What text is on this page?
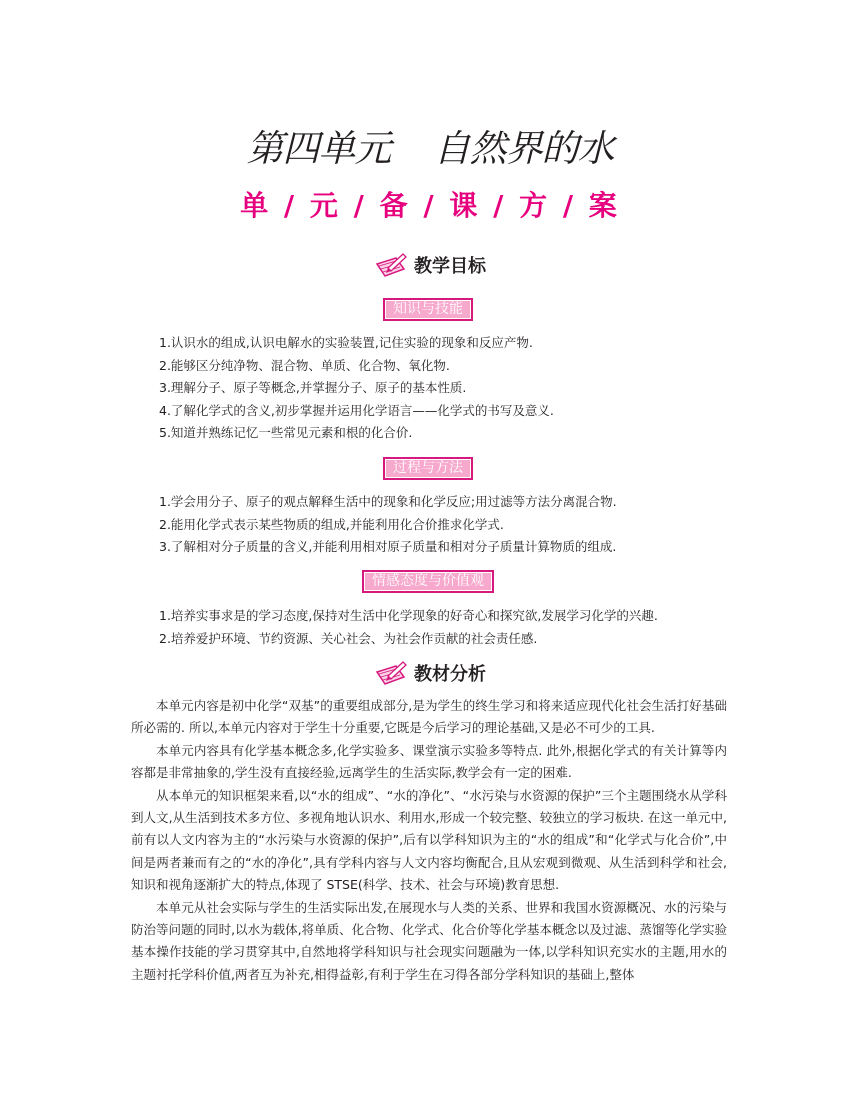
第四单元    自然界的水
单 / 元 / 备 / 课 / 方 / 案
教学目标
知识与技能
1.认识水的组成,认识电解水的实验装置,记住实验的现象和反应产物.
2.能够区分纯净物、混合物、单质、化合物、氧化物.
3.理解分子、原子等概念,并掌握分子、原子的基本性质.
4.了解化学式的含义,初步掌握并运用化学语言——化学式的书写及意义.
5.知道并熟练记忆一些常见元素和根的化合价.
过程与方法
1.学会用分子、原子的观点解释生活中的现象和化学反应;用过滤等方法分离混合物.
2.能用化学式表示某些物质的组成,并能利用化合价推求化学式.
3.了解相对分子质量的含义,并能利用相对原子质量和相对分子质量计算物质的组成.
情感态度与价值观
1.培养实事求是的学习态度,保持对生活中化学现象的好奇心和探究欲,发展学习化学的兴趣.
2.培养爱护环境、节约资源、关心社会、为社会作贡献的社会责任感.
教材分析

本单元内容是初中化学“双基”的重要组成部分,是为学生的终生学习和将来适应现代化社会生活打好基础所必需的. 所以,本单元内容对于学生十分重要,它既是今后学习的理论基础,又是必不可少的工具.

本单元内容具有化学基本概念多,化学实验多、课堂演示实验多等特点. 此外,根据化学式的有关计算等内容都是非常抽象的,学生没有直接经验,远离学生的生活实际,教学会有一定的困难.

从本单元的知识框架来看,以“水的组成”、“水的净化”、“水污染与水资源的保护”三个主题围绕水从学科到人文,从生活到技术多方位、多视角地认识水、利用水,形成一个较完整、较独立的学习板块. 在这一单元中,前有以人文内容为主的“水污染与水资源的保护”,后有以学科知识为主的“水的组成”和“化学式与化合价”,中间是两者兼而有之的“水的净化”,具有学科内容与人文内容均衡配合,且从宏观到微观、从生活到科学和社会,知识和视角逐渐扩大的特点,体现了 STSE(科学、技术、社会与环境)教育思想.

本单元从社会实际与学生的生活实际出发,在展现水与人类的关系、世界和我国水资源概况、水的污染与防治等问题的同时,以水为载体,将单质、化合物、化学式、化合价等化学基本概念以及过滤、蒸馏等化学实验基本操作技能的学习贯穿其中,自然地将学科知识与社会现实问题融为一体,以学科知识充实水的主题,用水的主题衬托学科价值,两者互为补充,相得益彰,有利于学生在习得各部分学科知识的基础上,整体
